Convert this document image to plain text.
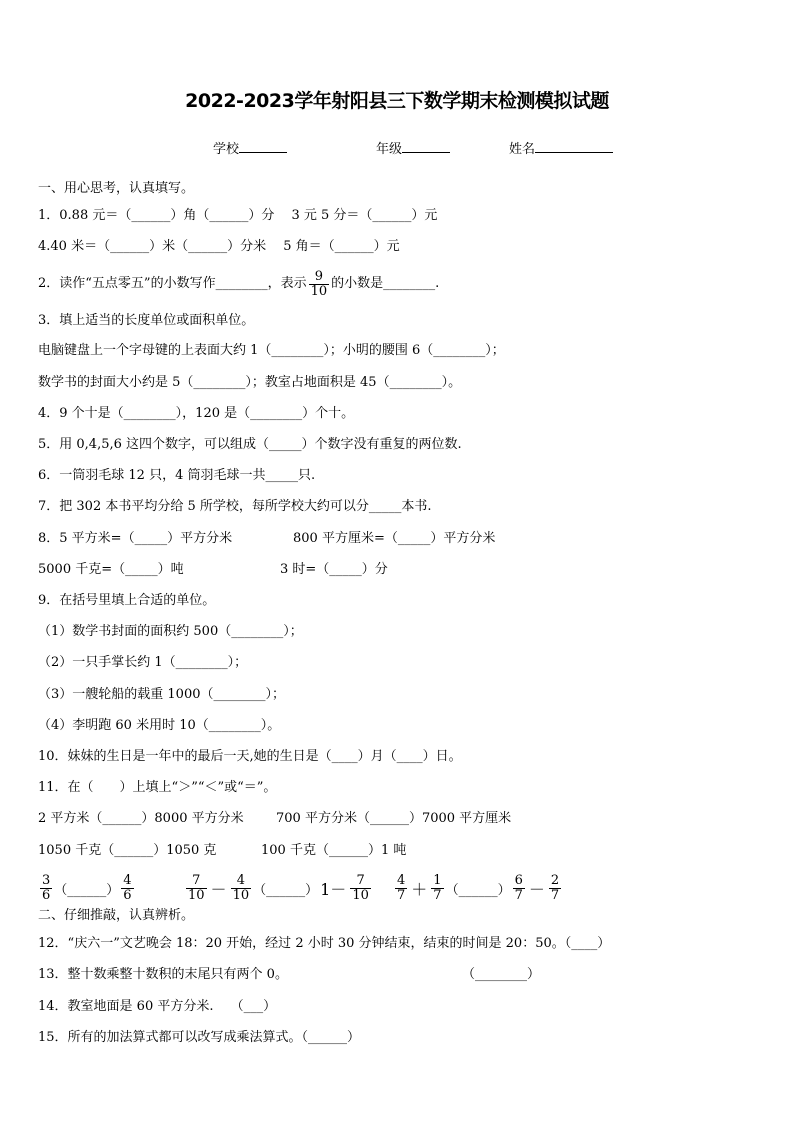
2022-2023学年射阳县三下数学期末检测模拟试题
学校	年级	姓名
一、用心思考，认真填写。
1．0.88 元＝（______）角（______）分　 3 元 5 分＝（______）元
4.40 米＝（______）米（______）分米　 5 角＝（______）元
2．读作“五点零五”的小数写作________，表示 $\frac{9}{10}$ 的小数是________.
3．填上适当的长度单位或面积单位。
电脑键盘上一个字母键的上表面大约 1（________）；小明的腰围 6（________）；
数学书的封面大小约是 5（________）；教室占地面积是 45（________）。
4．9 个十是（________），120 是（________）个十。
5．用 0,4,5,6 这四个数字，可以组成（_____）个数字没有重复的两位数.
6．一筒羽毛球 12 只，4 筒羽毛球一共_____只.
7．把 302 本书平均分给 5 所学校，每所学校大约可以分_____本书.
8．5 平方米=（_____）平方分米	800 平方厘米=（_____）平方分米
5000 千克=（_____）吨	3 时=（_____）分
9．在括号里填上合适的单位。
（1）数学书封面的面积约 500（________）；
（2）一只手掌长约 1（________）；
（3）一艘轮船的载重 1000（________）；
（4）李明跑 60 米用时 10（________）。
10．妹妹的生日是一年中的最后一天,她的生日是（____）月（____）日。
11．在（　　）上填上“＞”“＜”或“＝”。
2 平方米（______）8000 平方分米 700 平方分米（______）7000 平方厘米
1050 千克（______）1050 克	100 千克（______）1 吨
$\frac{3}{6}$ （______） $\frac{4}{6}$	$\frac{7}{10} - \frac{4}{10}$ （______） $1- \frac{7}{10} \frac{4}{7} + \frac{1}{7}$ （______） $\frac{6}{7} - \frac{2}{7}$
二、仔细推敲，认真辨析。
12．“庆六一”文艺晚会 18：20 开始，经过 2 小时 30 分钟结束，结束的时间是 20：50。（____）
13．整十数乘整十数积的末尾只有两个 0。	（________）
14．教室地面是 60 平方分米.　 （___）
15．所有的加法算式都可以改写成乘法算式。（______）
